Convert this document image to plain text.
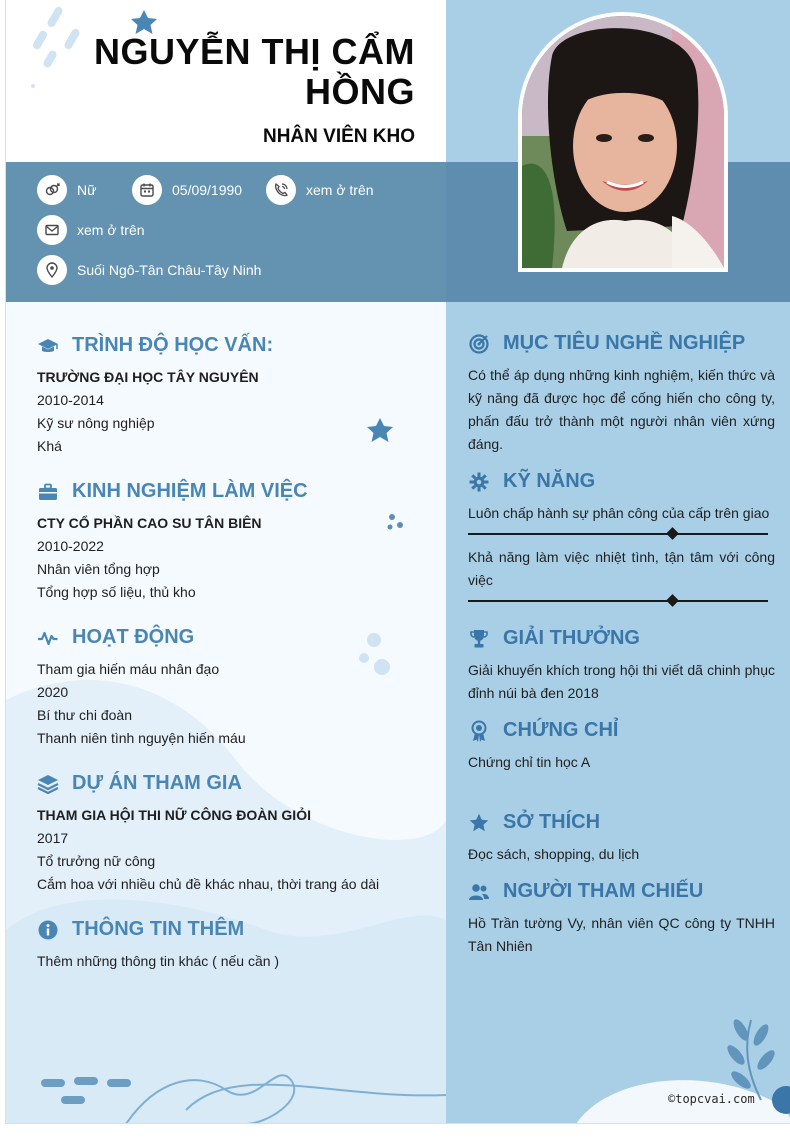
NGUYỄN THỊ CẨM
HỒNG
NHÂN VIÊN KHO
Nữ	05/09/1990	xem ở trên
xem ở trên
Suối Ngô-Tân Châu-Tây Ninh
TRÌNH ĐỘ HỌC VẤN:
TRƯỜNG ĐẠI HỌC TÂY NGUYÊN
2010-2014
Kỹ sư nông nghiệp
Khá
KINH NGHIỆM LÀM VIỆC
CTY CỔ PHẦN CAO SU TÂN BIÊN
2010-2022
Nhân viên tổng hợp
Tổng hợp số liệu, thủ kho
HOẠT ĐỘNG
Tham gia hiến máu nhân đạo
2020
Bí thư chi đoàn
Thanh niên tình nguyện hiến máu
DỰ ÁN THAM GIA
THAM GIA HỘI THI NỮ CÔNG ĐOÀN GIỎI
2017
Tổ trưởng nữ công
Cắm hoa với nhiều chủ đề khác nhau, thời trang áo dài
THÔNG TIN THÊM
Thêm những thông tin khác ( nếu cần )
MỤC TIÊU NGHỀ NGHIỆP
Có thể áp dụng những kinh nghiệm, kiến thức và kỹ năng đã được học để cống hiến cho công ty, phấn đấu trở thành một người nhân viên xứng đáng.
KỸ NĂNG
Luôn chấp hành sự phân công của cấp trên giao
Khả năng làm việc nhiệt tình, tận tâm với công việc
GIẢI THƯỞNG
Giải khuyến khích trong hội thi viết dã chinh phục đỉnh núi bà đen 2018
CHỨNG CHỈ
Chứng chỉ tin học A
SỞ THÍCH
Đọc sách, shopping, du lịch
NGƯỜI THAM CHIẾU
Hồ Trần tường Vy, nhân viên QC công ty TNHH Tân Nhiên
©topcvai.com
